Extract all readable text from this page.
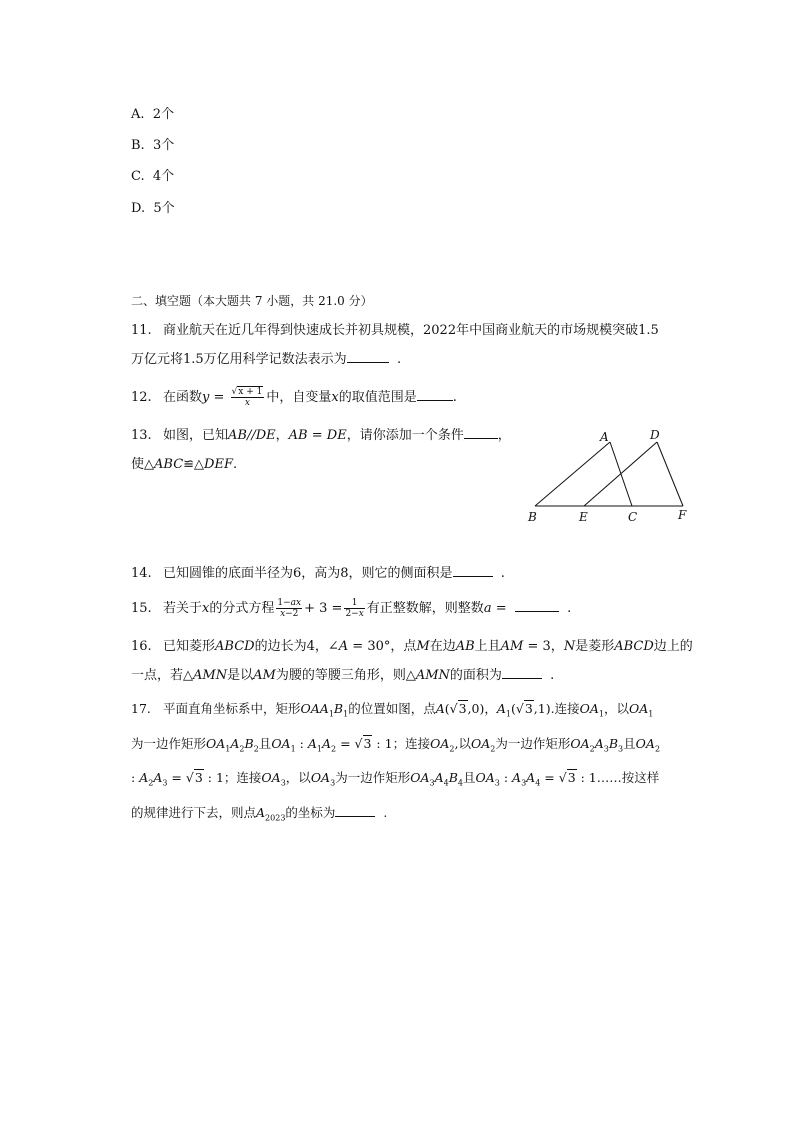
A. 2个
B. 3个
C. 4个
D. 5个
二、填空题（本大题共 7 小题，共 21.0 分）
11. 商业航天在近几年得到快速成长并初具规模，2022年中国商业航天的市场规模突破1.5
万亿元将1.5万亿用科学记数法表示为	.
12. 在函数$y = \frac{√x + 1}{x}$ 中，自变量x的取值范围是	.
13. 如图，已知AB//DE，AB = DE，请你添加一个条件	，
使△ABC≌△DEF.
A	D
B	E	C	F
14. 已知圆锥的底面半径为6，高为8，则它的侧面积是	.
15. 若关于x的分式方程 $\frac{1-ax}{x-2} + 3 = \frac{1}{2-x}$ 有正整数解，则整数a =	.
16. 已知菱形ABCD的边长为4，∠A = 30°，点M在边AB上且AM = 3，N是菱形ABCD边上的
一点，若△AMN是以AM为腰的等腰三角形，则△AMN的面积为	.
17. 平面直角坐标系中，矩形$OAA_1B_1$的位置如图，点A(√3,0)，$A_1(√3,1)$.连接$OA_1$，以$OA_1$
为一边作矩形$OA_1A_2B_2$且$OA_1$ : $A_1A_2 = √3$ : 1；连接$OA_2$,以$OA_2$为一边作矩形$OA_2A_3B_3$且$OA_2$
: $A_2A_3 = √3$ : 1；连接$OA_3$，以$OA_3$为一边作矩形$OA_3A_4B_4$且$OA_3$ : $A_3A_4 = √3$ : 1……按这样
的规律进行下去，则点$A_{2023}$的坐标为	.
